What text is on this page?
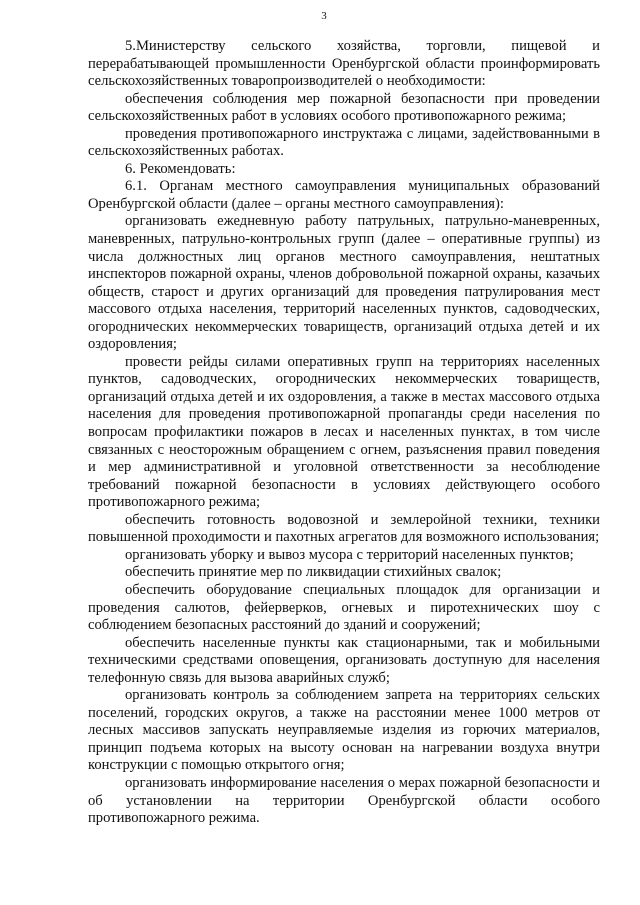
3

5.Министерству сельского хозяйства, торговли, пищевой и перерабатывающей промышленности Оренбургской области проинформировать сельскохозяйственных товаропроизводителей о необходимости:

обеспечения соблюдения мер пожарной безопасности при проведении сельскохозяйственных работ в условиях особого противопожарного режима;

проведения противопожарного инструктажа с лицами, задействованными в сельскохозяйственных работах.

6. Рекомендовать:

6.1. Органам местного самоуправления муниципальных образований Оренбургской области (далее – органы местного самоуправления):

организовать ежедневную работу патрульных, патрульно-маневренных, маневренных, патрульно-контрольных групп (далее – оперативные группы) из числа должностных лиц органов местного самоуправления, нештатных инспекторов пожарной охраны, членов добровольной пожарной охраны, казачьих обществ, старост и других организаций для проведения патрулирования мест массового отдыха населения, территорий населенных пунктов, садоводческих, огороднических некоммерческих товариществ, организаций отдыха детей и их оздоровления;

провести рейды силами оперативных групп на территориях населенных пунктов, садоводческих, огороднических некоммерческих товариществ, организаций отдыха детей и их оздоровления, а также в местах массового отдыха населения для проведения противопожарной пропаганды среди населения по вопросам профилактики пожаров в лесах и населенных пунктах, в том числе связанных с неосторожным обращением с огнем, разъяснения правил поведения и мер административной и уголовной ответственности за несоблюдение требований пожарной безопасности в условиях действующего особого противопожарного режима;

обеспечить готовность водовозной и землеройной техники, техники повышенной проходимости и пахотных агрегатов для возможного использования;

организовать уборку и вывоз мусора с территорий населенных пунктов;

обеспечить принятие мер по ликвидации стихийных свалок;

обеспечить оборудование специальных площадок для организации и проведения салютов, фейерверков, огневых и пиротехнических шоу с соблюдением безопасных расстояний до зданий и сооружений;

обеспечить населенные пункты как стационарными, так и мобильными техническими средствами оповещения, организовать доступную для населения телефонную связь для вызова аварийных служб;

организовать контроль за соблюдением запрета на территориях сельских поселений, городских округов, а также на расстоянии менее 1000 метров от лесных массивов запускать неуправляемые изделия из горючих материалов, принцип подъема которых на высоту основан на нагревании воздуха внутри конструкции с помощью открытого огня;

организовать информирование населения о мерах пожарной безопасности и об установлении на территории Оренбургской области особого противопожарного режима.
